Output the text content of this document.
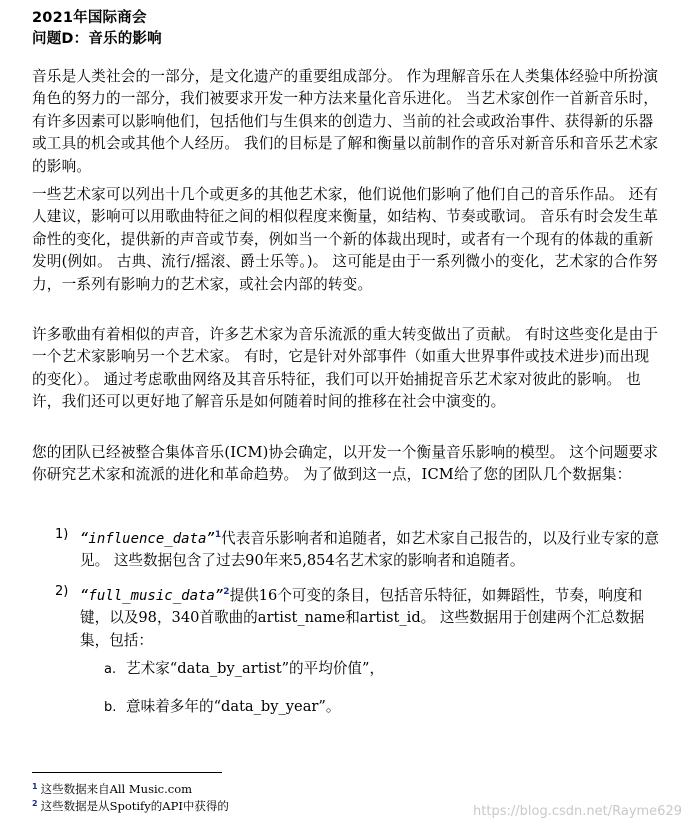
2021年国际商会
问题D：音乐的影响

音乐是人类社会的一部分，是文化遗产的重要组成部分。 作为理解音乐在人类集体经验中所扮演角色的努力的一部分，我们被要求开发一种方法来量化音乐进化。 当艺术家创作一首新音乐时，有许多因素可以影响他们，包括他们与生俱来的创造力、当前的社会或政治事件、获得新的乐器或工具的机会或其他个人经历。 我们的目标是了解和衡量以前制作的音乐对新音乐和音乐艺术家的影响。

一些艺术家可以列出十几个或更多的其他艺术家，他们说他们影响了他们自己的音乐作品。 还有人建议，影响可以用歌曲特征之间的相似程度来衡量，如结构、节奏或歌词。 音乐有时会发生革命性的变化，提供新的声音或节奏，例如当一个新的体裁出现时，或者有一个现有的体裁的重新发明(例如。 古典、流行/摇滚、爵士乐等。)。 这可能是由于一系列微小的变化，艺术家的合作努力，一系列有影响力的艺术家，或社会内部的转变。

许多歌曲有着相似的声音，许多艺术家为音乐流派的重大转变做出了贡献。 有时这些变化是由于一个艺术家影响另一个艺术家。 有时，它是针对外部事件（如重大世界事件或技术进步)而出现的变化）。 通过考虑歌曲网络及其音乐特征，我们可以开始捕捉音乐艺术家对彼此的影响。 也许，我们还可以更好地了解音乐是如何随着时间的推移在社会中演变的。

您的团队已经被整合集体音乐(ICM)协会确定，以开发一个衡量音乐影响的模型。 这个问题要求你研究艺术家和流派的进化和革命趋势。 为了做到这一点，ICM给了您的团队几个数据集：

1) “influence_data”$^1$代表音乐影响者和追随者，如艺术家自己报告的，以及行业专家的意见。 这些数据包含了过去90年来5,854名艺术家的影响者和追随者。
2) “full_music_data”$^2$提供16个可变的条目，包括音乐特征，如舞蹈性，节奏，响度和键，以及98，340首歌曲的artist_name和artist_id。 这些数据用于创建两个汇总数据集，包括：
a. 艺术家“data_by_artist”的平均价值”，
b. 意味着多年的“data_by_year”。
$^1$ 这些数据来自All Music.com
$^2$ 这些数据是从Spotify的API中获得的	https://blog.csdn.net/Rayme629
